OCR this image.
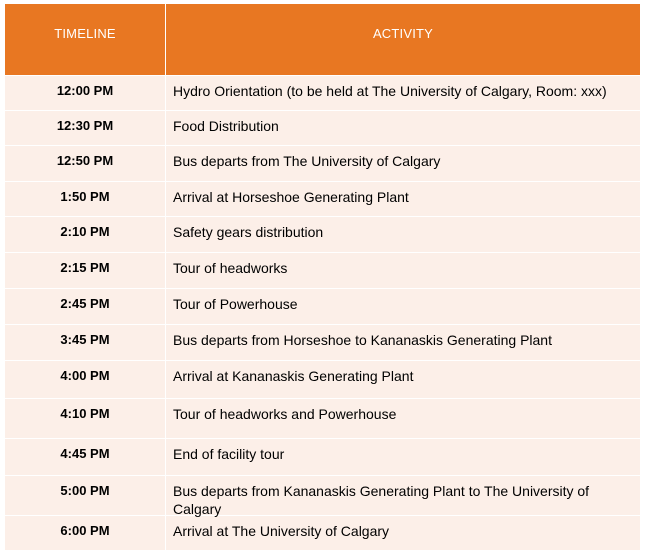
TIMELINE	ACTIVITY
12:00 PM	Hydro Orientation (to be held at The University of Calgary, Room: xxx)
12:30 PM	Food Distribution
12:50 PM	Bus departs from The University of Calgary
1:50 PM	Arrival at Horseshoe Generating Plant
2:10 PM	Safety gears distribution
2:15 PM	Tour of headworks
2:45 PM	Tour of Powerhouse
3:45 PM	Bus departs from Horseshoe to Kananaskis Generating Plant
4:00 PM	Arrival at Kananaskis Generating Plant
4:10 PM	Tour of headworks and Powerhouse
4:45 PM	End of facility tour
5:00 PM	Bus departs from Kananaskis Generating Plant to The University of Calgary
6:00 PM	Arrival at The University of Calgary
